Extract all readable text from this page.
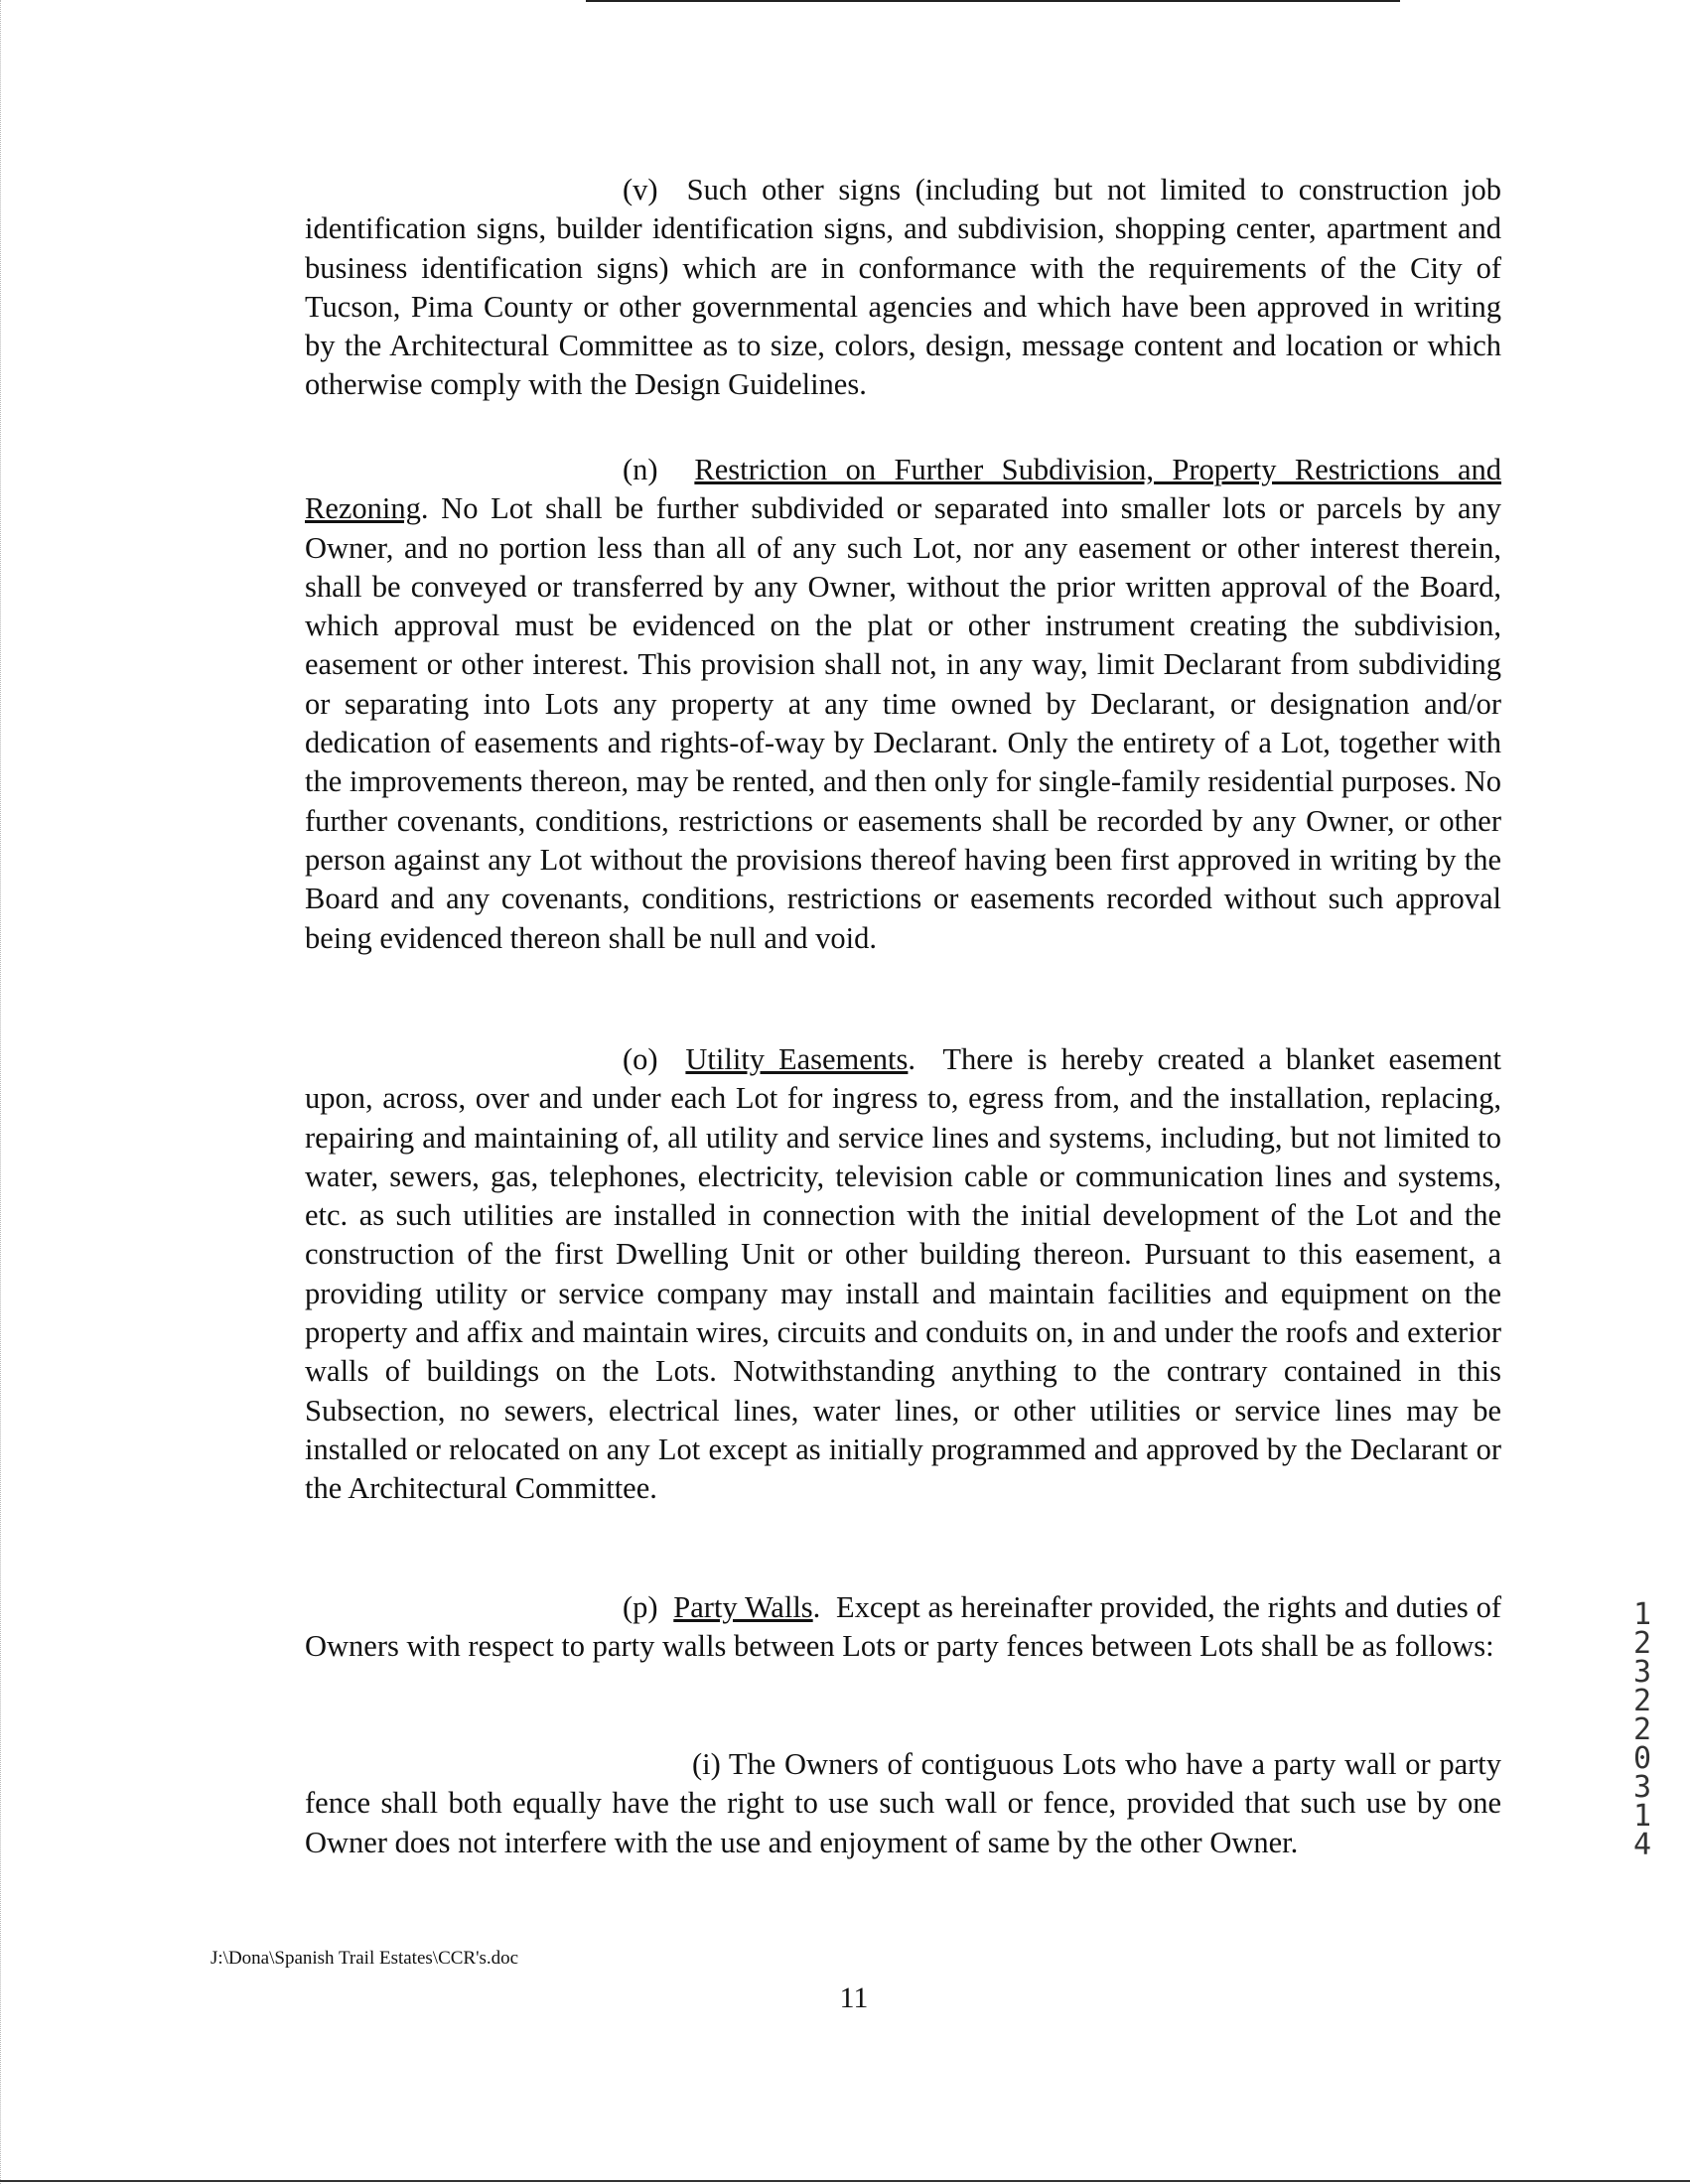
(v) Such other signs (including but not limited to construction job identification signs, builder identification signs, and subdivision, shopping center, apartment and business identification signs) which are in conformance with the requirements of the City of Tucson, Pima County or other governmental agencies and which have been approved in writing by the Architectural Committee as to size, colors, design, message content and location or which otherwise comply with the Design Guidelines.

(n) Restriction on Further Subdivision, Property Restrictions and Rezoning. No Lot shall be further subdivided or separated into smaller lots or parcels by any Owner, and no portion less than all of any such Lot, nor any easement or other interest therein, shall be conveyed or transferred by any Owner, without the prior written approval of the Board, which approval must be evidenced on the plat or other instrument creating the subdivision, easement or other interest. This provision shall not, in any way, limit Declarant from subdividing or separating into Lots any property at any time owned by Declarant, or designation and/or dedication of easements and rights-of-way by Declarant. Only the entirety of a Lot, together with the improvements thereon, may be rented, and then only for single-family residential purposes. No further covenants, conditions, restrictions or easements shall be recorded by any Owner, or other person against any Lot without the provisions thereof having been first approved in writing by the Board and any covenants, conditions, restrictions or easements recorded without such approval being evidenced thereon shall be null and void.

(o) Utility Easements. There is hereby created a blanket easement upon, across, over and under each Lot for ingress to, egress from, and the installation, replacing, repairing and maintaining of, all utility and service lines and systems, including, but not limited to water, sewers, gas, telephones, electricity, television cable or communication lines and systems, etc. as such utilities are installed in connection with the initial development of the Lot and the construction of the first Dwelling Unit or other building thereon. Pursuant to this easement, a providing utility or service company may install and maintain facilities and equipment on the property and affix and maintain wires, circuits and conduits on, in and under the roofs and exterior walls of buildings on the Lots. Notwithstanding anything to the contrary contained in this Subsection, no sewers, electrical lines, water lines, or other utilities or service lines may be installed or relocated on any Lot except as initially programmed and approved by the Declarant or the Architectural Committee.

(p) Party Walls. Except as hereinafter provided, the rights and duties of Owners with respect to party walls between Lots or party fences between Lots shall be as follows:

(i) The Owners of contiguous Lots who have a party wall or party fence shall both equally have the right to use such wall or fence, provided that such use by one Owner does not interfere with the use and enjoyment of same by the other Owner.

J:\Dona\Spanish Trail Estates\CCR's.doc
11
1
2
3
2
2
0
3
1
4
